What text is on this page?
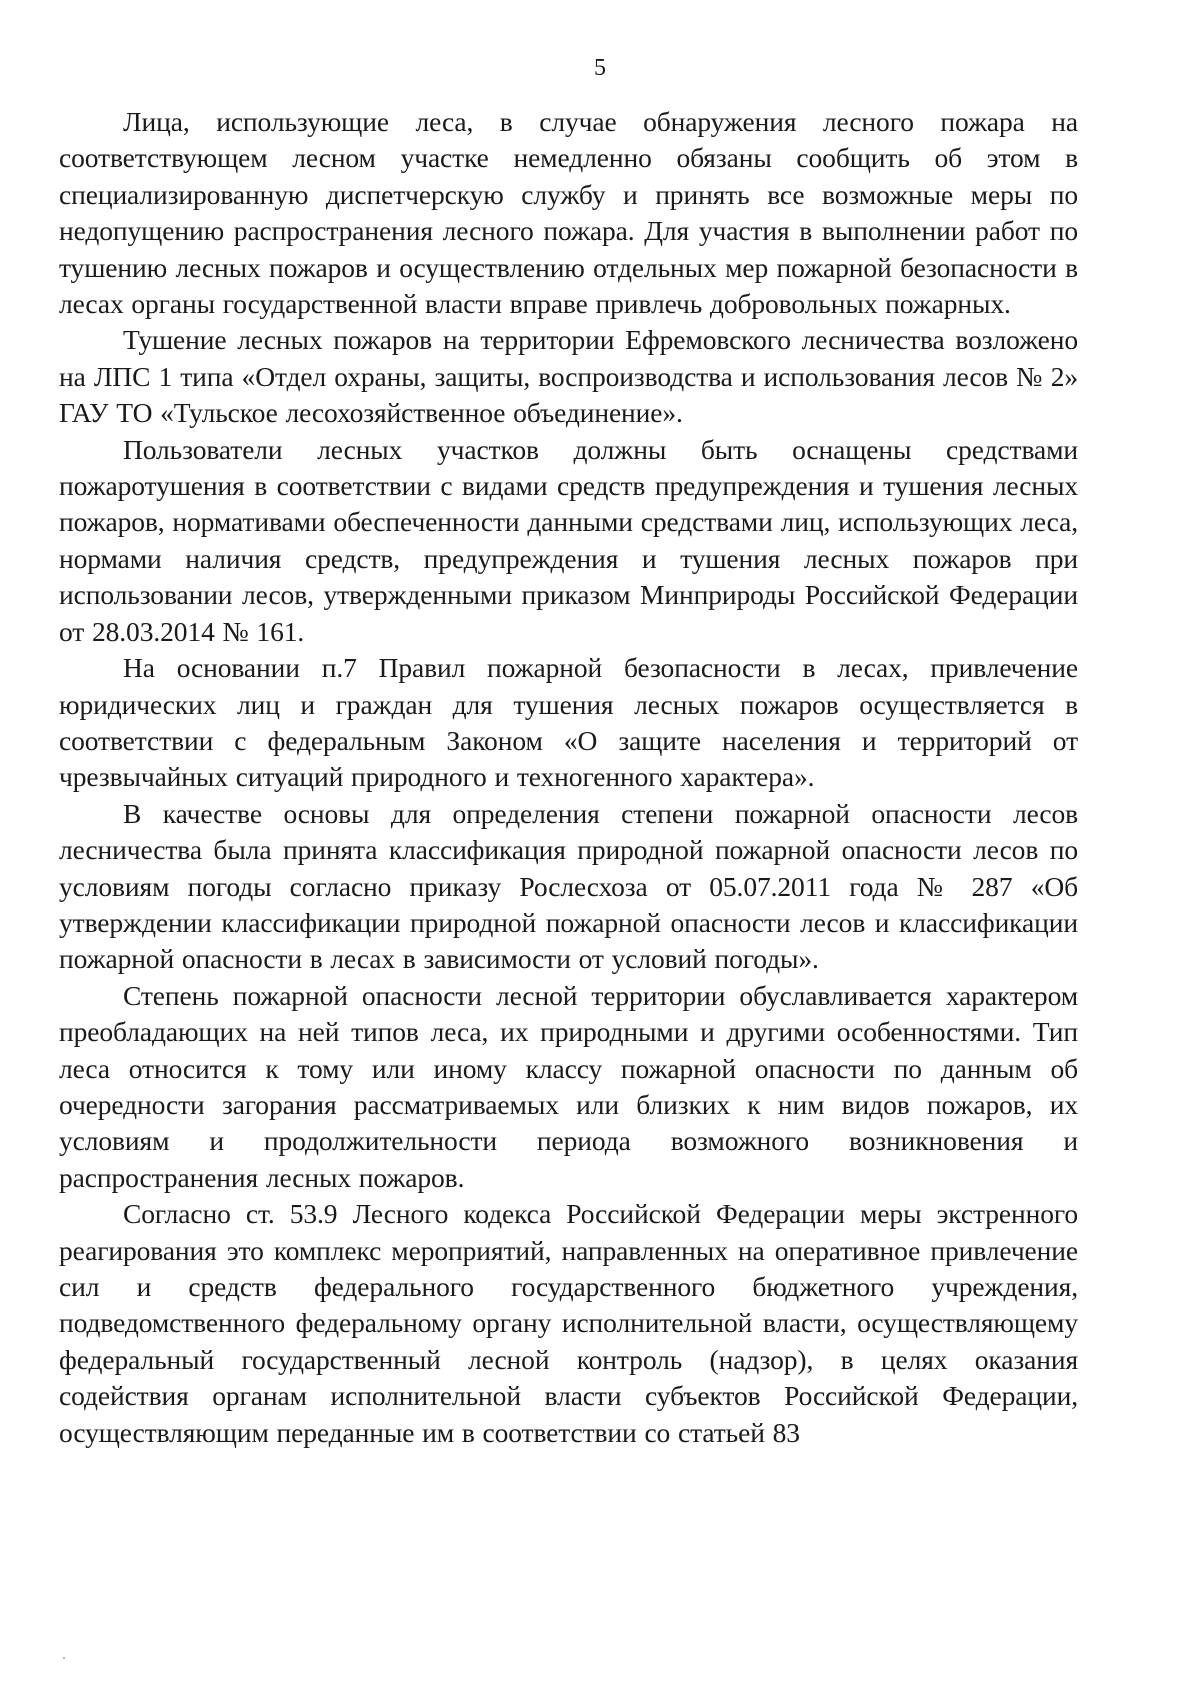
5

Лица, использующие леса, в случае обнаружения лесного пожара на соответствующем лесном участке немедленно обязаны сообщить об этом в специализированную диспетчерскую службу и принять все возможные меры по недопущению распространения лесного пожара. Для участия в выполнении работ по тушению лесных пожаров и осуществлению отдельных мер пожарной безопасности в лесах органы государственной власти вправе привлечь добровольных пожарных.

Тушение лесных пожаров на территории Ефремовского лесничества возложено на ЛПС 1 типа «Отдел охраны, защиты, воспроизводства и использования лесов № 2» ГАУ ТО «Тульское лесохозяйственное объединение».

Пользователи лесных участков должны быть оснащены средствами пожаротушения в соответствии с видами средств предупреждения и тушения лесных пожаров, нормативами обеспеченности данными средствами лиц, использующих леса, нормами наличия средств, предупреждения и тушения лесных пожаров при использовании лесов, утвержденными приказом Минприроды Российской Федерации от 28.03.2014 № 161.

На основании п.7 Правил пожарной безопасности в лесах, привлечение юридических лиц и граждан для тушения лесных пожаров осуществляется в соответствии с федеральным Законом «О защите населения и территорий от чрезвычайных ситуаций природного и техногенного характера».

В качестве основы для определения степени пожарной опасности лесов лесничества была принята классификация природной пожарной опасности лесов по условиям погоды согласно приказу Рослесхоза от 05.07.2011 года № 287 «Об утверждении классификации природной пожарной опасности лесов и классификации пожарной опасности в лесах в зависимости от условий погоды».

Степень пожарной опасности лесной территории обуславливается характером преобладающих на ней типов леса, их природными и другими особенностями. Тип леса относится к тому или иному классу пожарной опасности по данным об очередности загорания рассматриваемых или близких к ним видов пожаров, их условиям и продолжительности периода возможного возникновения и распространения лесных пожаров.

Согласно ст. 53.9 Лесного кодекса Российской Федерации меры экстренного реагирования это комплекс мероприятий, направленных на оперативное привлечение сил и средств федерального государственного бюджетного учреждения, подведомственного федеральному органу исполнительной власти, осуществляющему федеральный государственный лесной контроль (надзор), в целях оказания содействия органам исполнительной власти субъектов Российской Федерации, осуществляющим переданные им в соответствии со статьей 83
